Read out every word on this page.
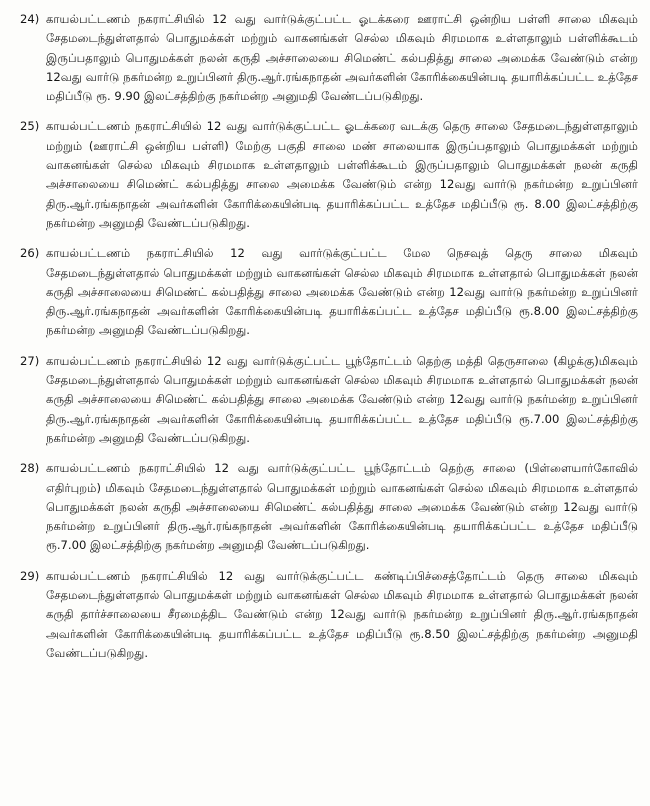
24) காயல்பட்டணம் நகராட்சியில் 12 வது வார்டுக்குட்பட்ட ஓடக்கரை ஊராட்சி ஒன்றிய பள்ளி சாலை மிகவும் சேதமடைந்துள்ளதால் பொதுமக்கள் மற்றும் வாகனங்கள் செல்ல மிகவும் சிரமமாக உள்ளதாலும் பள்ளிக்கூடம் இருப்பதாலும் பொதுமக்கள் நலன் கருதி அச்சாலையை சிமெண்ட் கல்பதித்து சாலை அமைக்க வேண்டும் என்ற 12வது வார்டு நகர்மன்ற உறுப்பினர் திரு.ஆர்.ரங்கநாதன் அவர்களின் கோரிக்கையின்படி தயாரிக்கப்பட்ட உத்தேச மதிப்பீடு ரூ. 9.90 இலட்சத்திற்கு நகர்மன்ற அனுமதி வேண்டப்படுகிறது.
25) காயல்பட்டணம் நகராட்சியில் 12 வது வார்டுக்குட்பட்ட ஓடக்கரை வடக்கு தெரு சாலை சேதமடைந்துள்ளதாலும் மற்றும் (ஊராட்சி ஒன்றிய பள்ளி) மேற்கு பகுதி சாலை மண் சாலையாக இருப்பதாலும் பொதுமக்கள் மற்றும் வாகனங்கள் செல்ல மிகவும் சிரமமாக உள்ளதாலும் பள்ளிக்கூடம் இருப்பதாலும் பொதுமக்கள் நலன் கருதி அச்சாலையை சிமெண்ட் கல்பதித்து சாலை அமைக்க வேண்டும் என்ற 12வது வார்டு நகர்மன்ற உறுப்பினர் திரு.ஆர்.ரங்கநாதன் அவர்களின் கோரிக்கையின்படி தயாரிக்கப்பட்ட உத்தேச மதிப்பீடு ரூ. 8.00 இலட்சத்திற்கு நகர்மன்ற அனுமதி வேண்டப்படுகிறது.
26) காயல்பட்டணம் நகராட்சியில் 12 வது வார்டுக்குட்பட்ட மேல நெசவுத் தெரு சாலை மிகவும் சேதமடைந்துள்ளதால் பொதுமக்கள் மற்றும் வாகனங்கள் செல்ல மிகவும் சிரமமாக உள்ளதால் பொதுமக்கள் நலன் கருதி அச்சாலையை சிமெண்ட் கல்பதித்து சாலை அமைக்க வேண்டும் என்ற 12வது வார்டு நகர்மன்ற உறுப்பினர் திரு.ஆர்.ரங்கநாதன் அவர்களின் கோரிக்கையின்படி தயாரிக்கப்பட்ட உத்தேச மதிப்பீடு ரூ.8.00 இலட்சத்திற்கு நகர்மன்ற அனுமதி வேண்டப்படுகிறது.
27) காயல்பட்டணம் நகராட்சியில் 12 வது வார்டுக்குட்பட்ட பூந்தோட்டம் தெற்கு மத்தி தெருசாலை (கிழக்கு)மிகவும் சேதமடைந்துள்ளதால் பொதுமக்கள் மற்றும் வாகனங்கள் செல்ல மிகவும் சிரமமாக உள்ளதால் பொதுமக்கள் நலன் கருதி அச்சாலையை சிமெண்ட் கல்பதித்து சாலை அமைக்க வேண்டும் என்ற 12வது வார்டு நகர்மன்ற உறுப்பினர் திரு.ஆர்.ரங்கநாதன் அவர்களின் கோரிக்கையின்படி தயாரிக்கப்பட்ட உத்தேச மதிப்பீடு ரூ.7.00 இலட்சத்திற்கு நகர்மன்ற அனுமதி வேண்டப்படுகிறது.
28) காயல்பட்டணம் நகராட்சியில் 12 வது வார்டுக்குட்பட்ட பூந்தோட்டம் தெற்கு சாலை (பிள்ளையார்கோவில் எதிர்புறம்) மிகவும் சேதமடைந்துள்ளதால் பொதுமக்கள் மற்றும் வாகனங்கள் செல்ல மிகவும் சிரமமாக உள்ளதால் பொதுமக்கள் நலன் கருதி அச்சாலையை சிமெண்ட் கல்பதித்து சாலை அமைக்க வேண்டும் என்ற 12வது வார்டு நகர்மன்ற உறுப்பினர் திரு.ஆர்.ரங்கநாதன் அவர்களின் கோரிக்கையின்படி தயாரிக்கப்பட்ட உத்தேச மதிப்பீடு ரூ.7.00 இலட்சத்திற்கு நகர்மன்ற அனுமதி வேண்டப்படுகிறது.
29) காயல்பட்டணம் நகராட்சியில் 12 வது வார்டுக்குட்பட்ட கண்டிப்பிச்சைத்தோட்டம் தெரு சாலை மிகவும் சேதமடைந்துள்ளதால் பொதுமக்கள் மற்றும் வாகனங்கள் செல்ல மிகவும் சிரமமாக உள்ளதால் பொதுமக்கள் நலன் கருதி தார்ச்சாலையை சீரமைத்திட வேண்டும் என்ற 12வது வார்டு நகர்மன்ற உறுப்பினர் திரு.ஆர்.ரங்கநாதன் அவர்களின் கோரிக்கையின்படி தயாரிக்கப்பட்ட உத்தேச மதிப்பீடு ரூ.8.50 இலட்சத்திற்கு நகர்மன்ற அனுமதி வேண்டப்படுகிறது.
